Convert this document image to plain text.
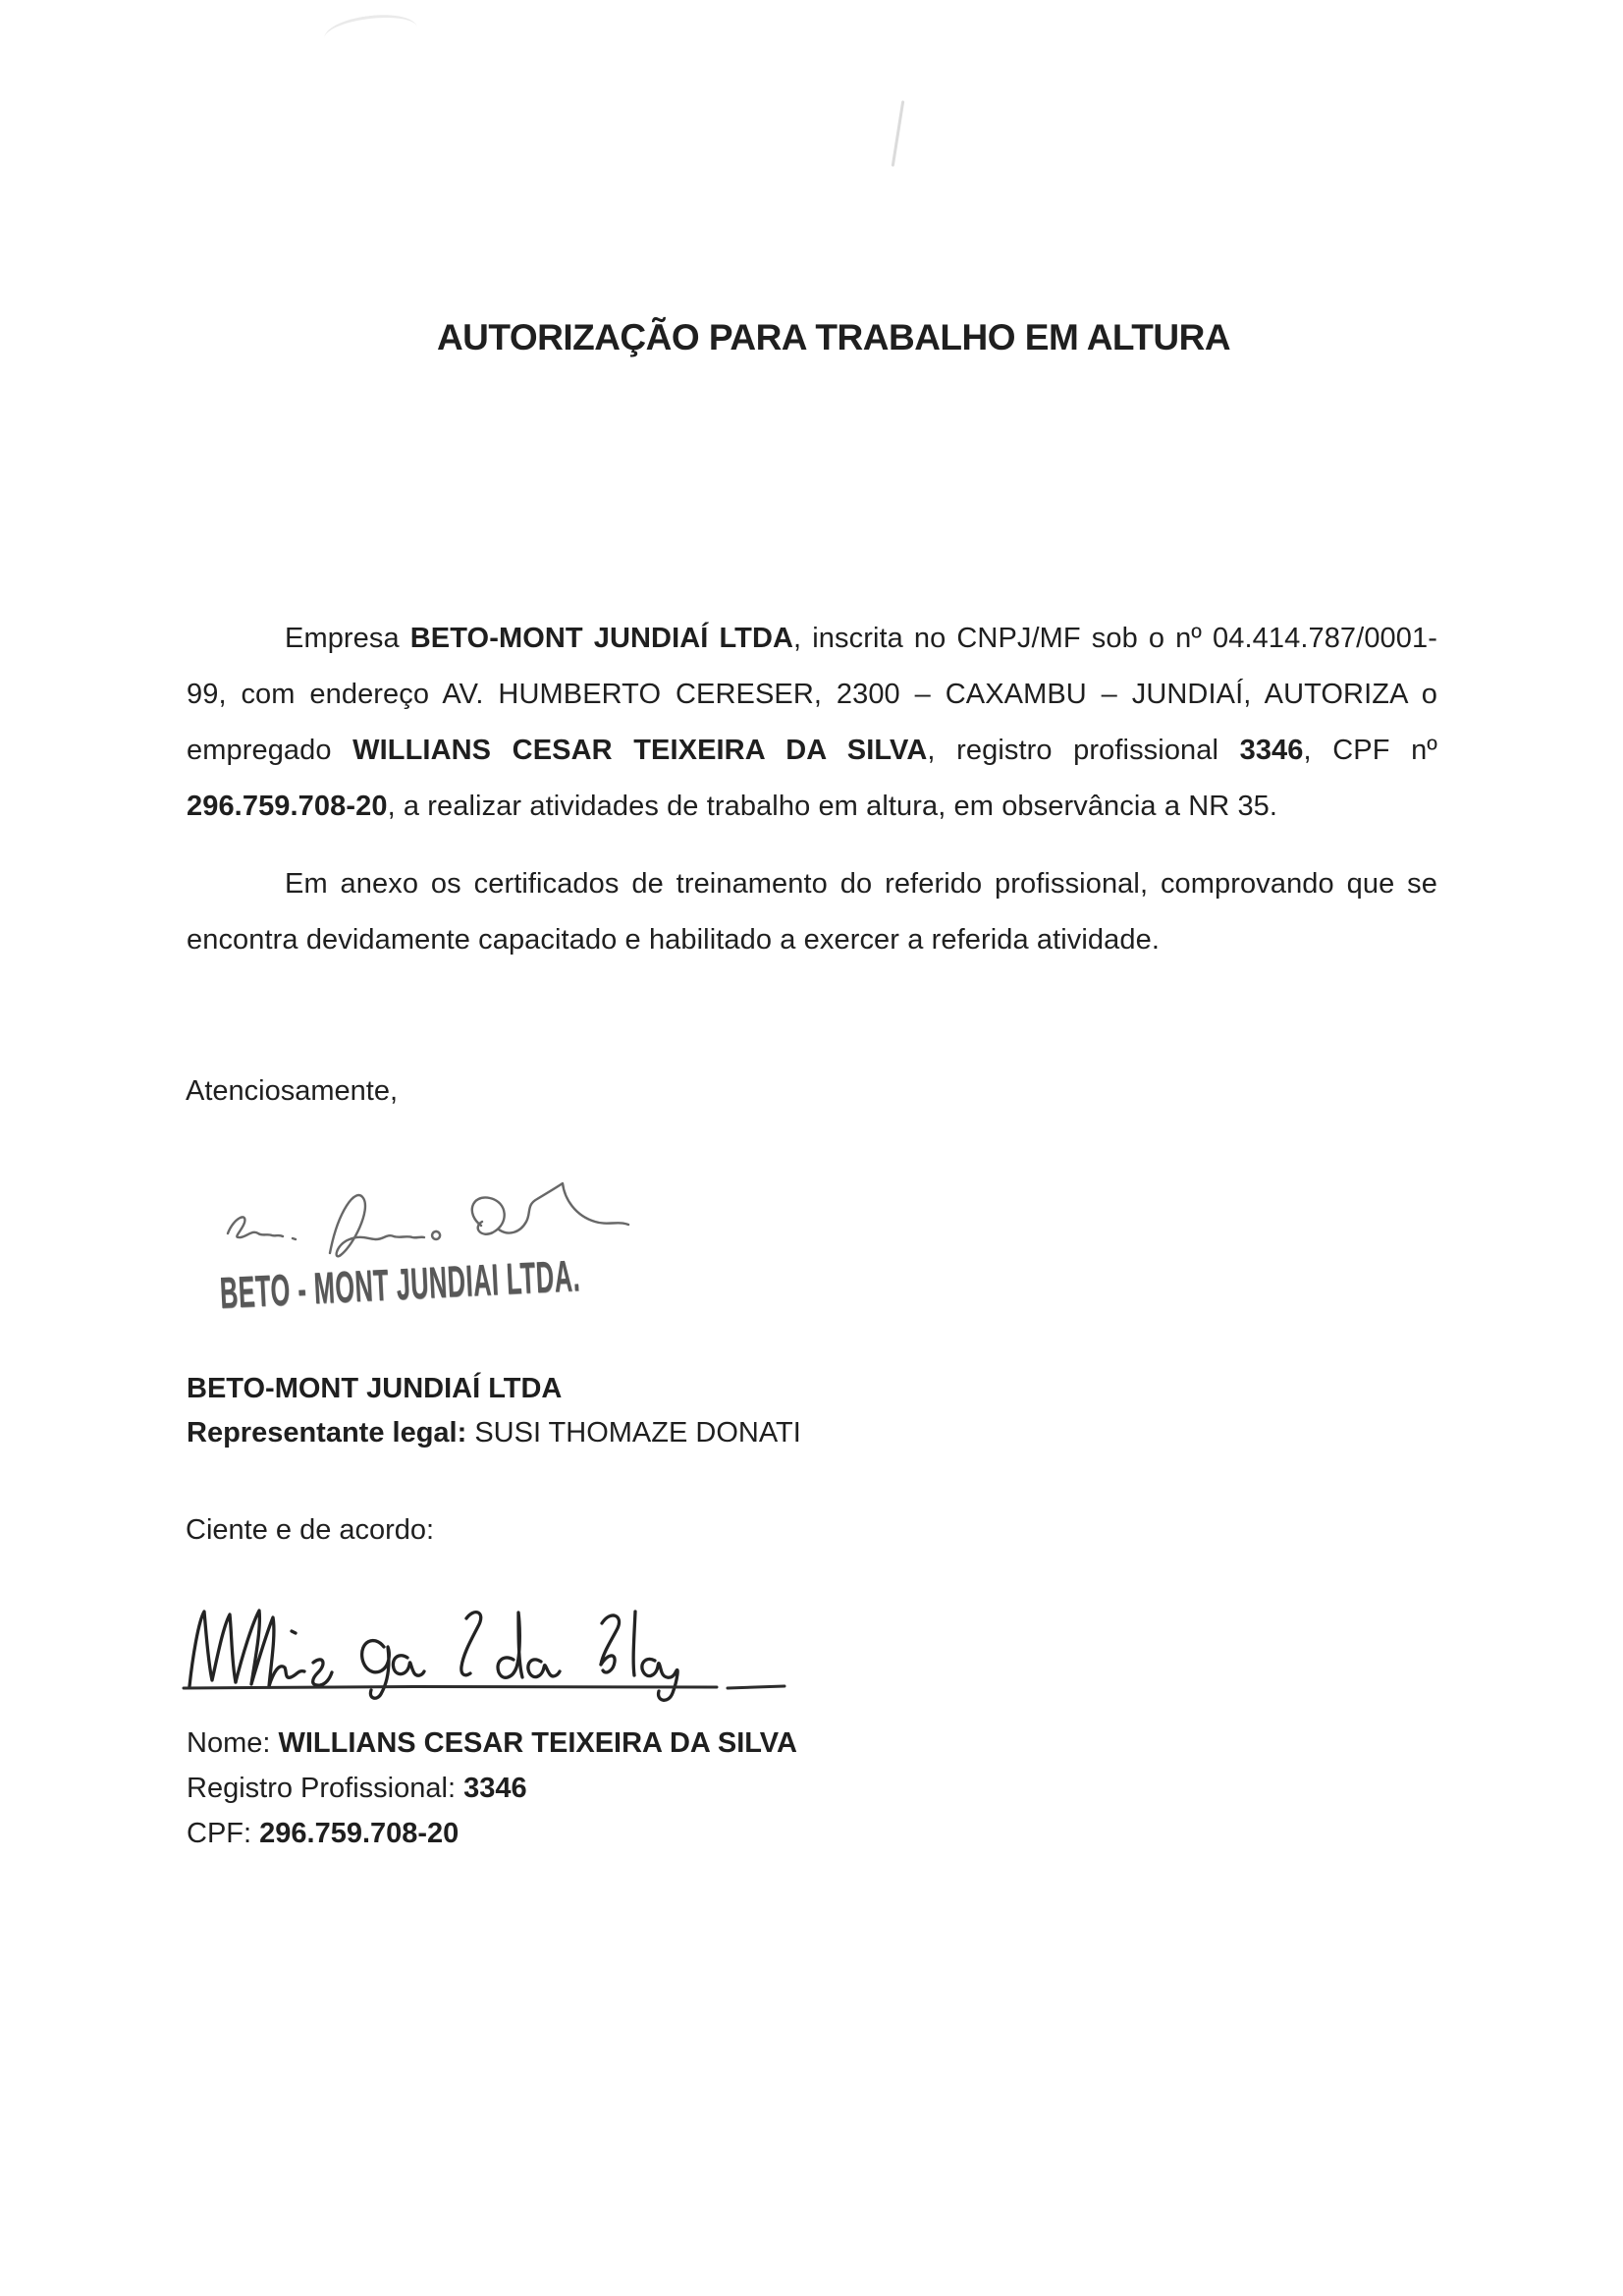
AUTORIZAÇÃO PARA TRABALHO EM ALTURA

Empresa BETO-MONT JUNDIAÍ LTDA, inscrita no CNPJ/MF sob o nº 04.414.787/0001-99, com endereço AV. HUMBERTO CERESER, 2300 – CAXAMBU – JUNDIAÍ, AUTORIZA o empregado WILLIANS CESAR TEIXEIRA DA SILVA, registro profissional 3346, CPF nº 296.759.708-20, a realizar atividades de trabalho em altura, em observância a NR 35.

Em anexo os certificados de treinamento do referido profissional, comprovando que se encontra devidamente capacitado e habilitado a exercer a referida atividade.

Atenciosamente,

BETO - MONT JUNDIAI LTDA.
BETO-MONT JUNDIAÍ LTDA
Representante legal: SUSI THOMAZE DONATI

Ciente e de acordo:

Nome: WILLIANS CESAR TEIXEIRA DA SILVA
Registro Profissional: 3346
CPF: 296.759.708-20
